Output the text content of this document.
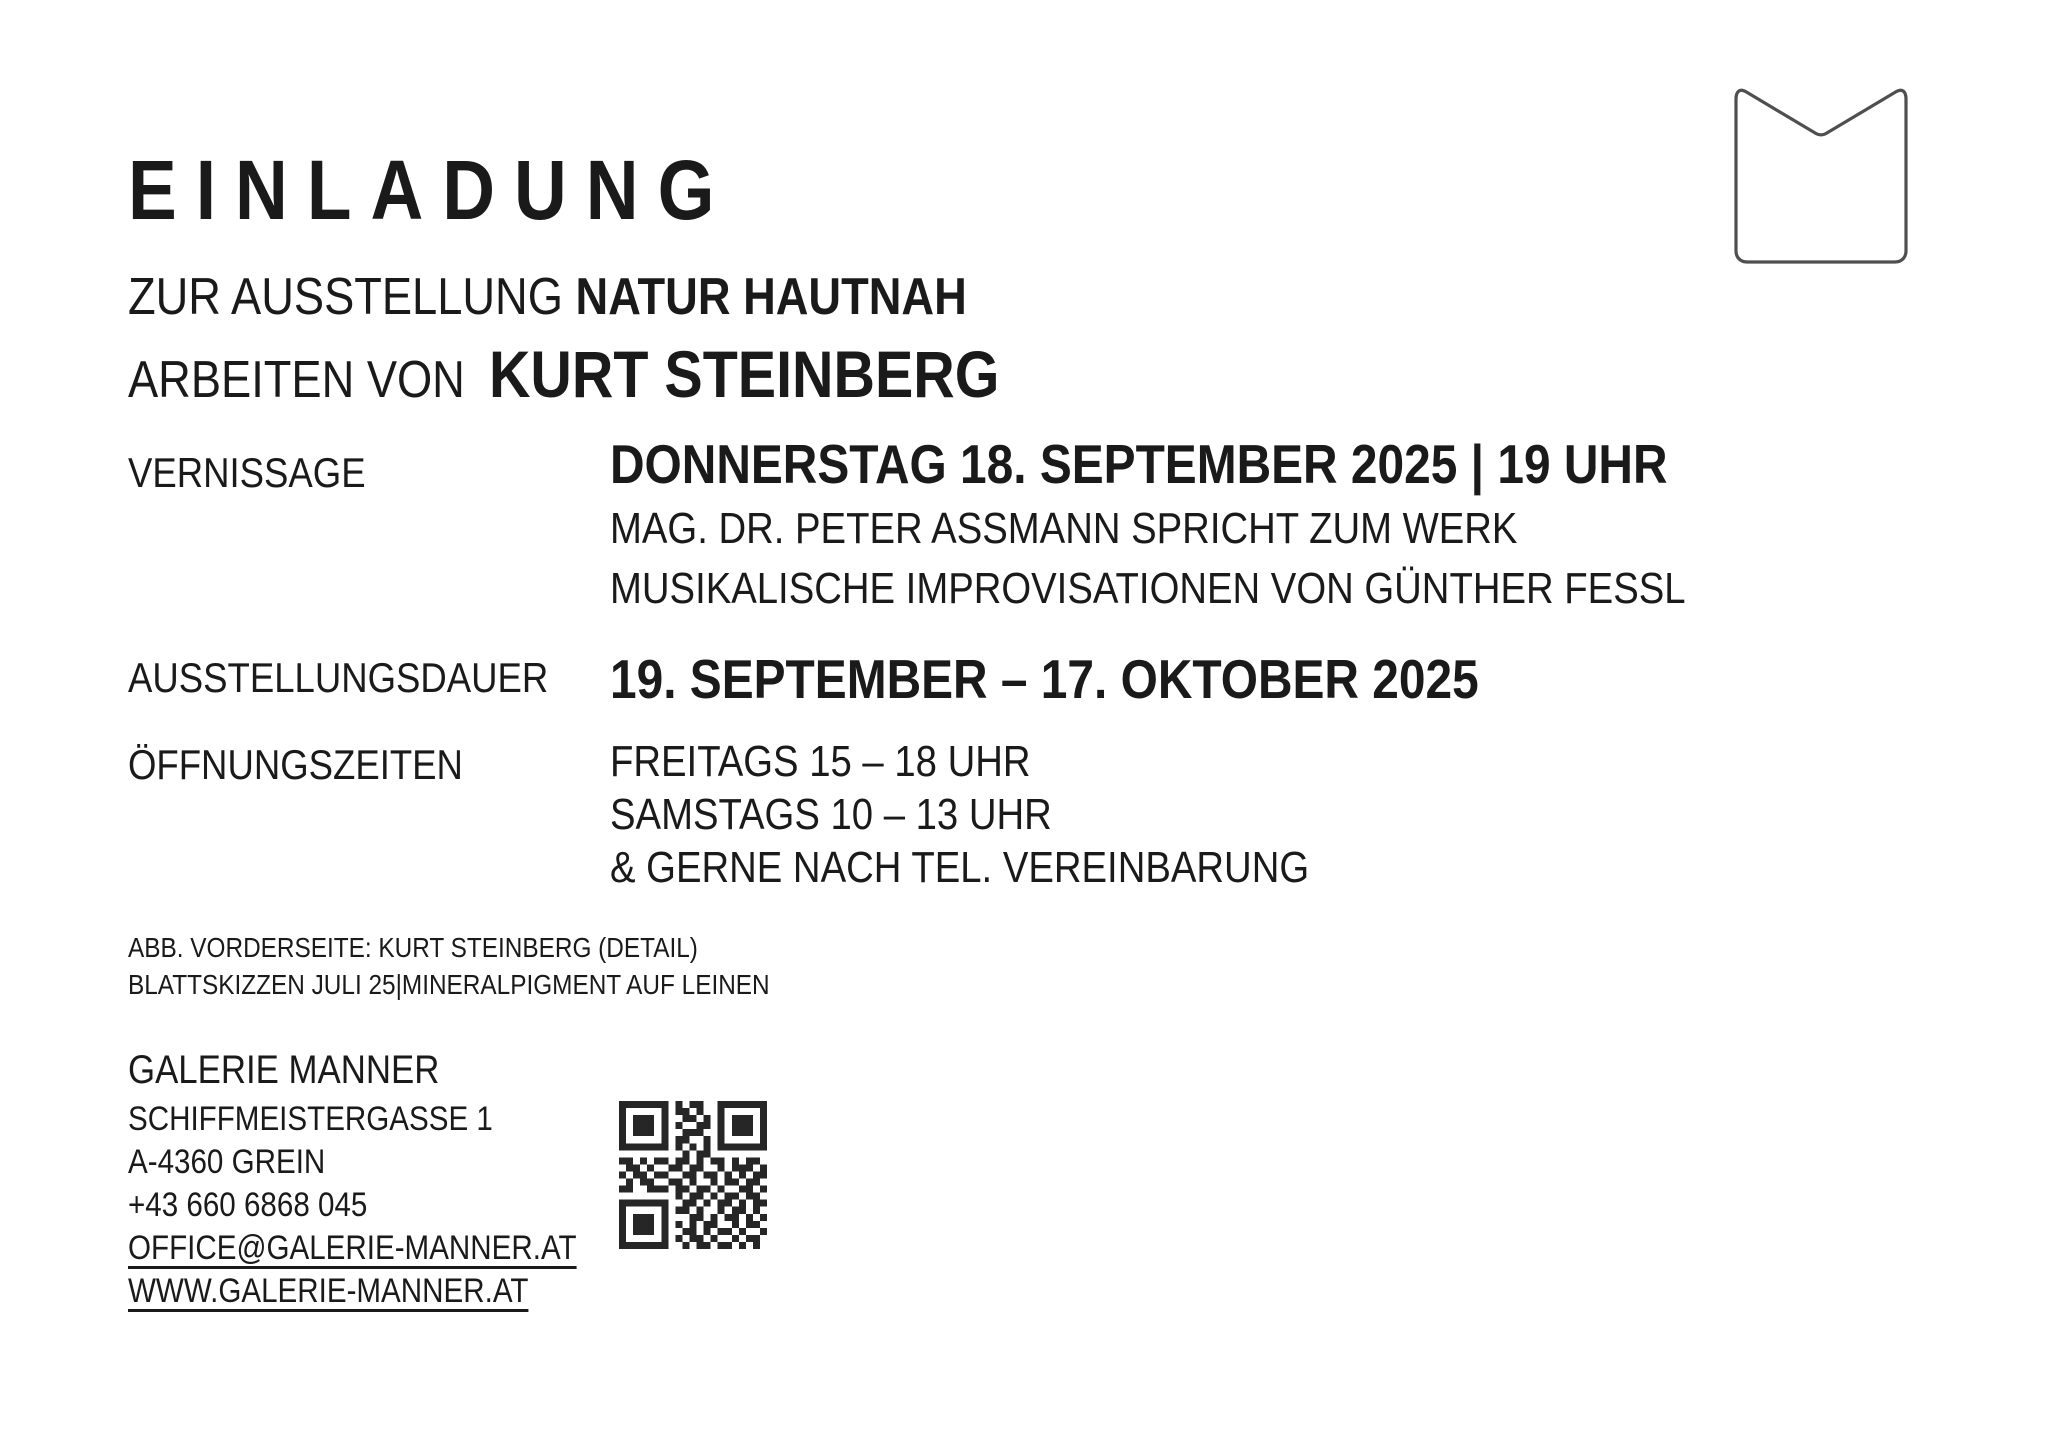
EINLADUNG

ZUR AUSSTELLUNG NATUR HAUTNAH

ARBEITEN VON KURT STEINBERG

VERNISSAGE	DONNERSTAG 18. SEPTEMBER 2025 | 19 UHR

MAG. DR. PETER ASSMANN SPRICHT ZUM WERK

MUSIKALISCHE IMPROVISATIONEN VON GÜNTHER FESSL

AUSSTELLUNGSDAUER	19. SEPTEMBER – 17. OKTOBER 2025

ÖFFNUNGSZEITEN	FREITAGS 15 – 18 UHR

SAMSTAGS 10 – 13 UHR

& GERNE NACH TEL. VEREINBARUNG

ABB. VORDERSEITE: KURT STEINBERG (DETAIL)

BLATTSKIZZEN JULI 25|MINERALPIGMENT AUF LEINEN

GALERIE MANNER

SCHIFFMEISTERGASSE 1

A-4360 GREIN

+43 660 6868 045

OFFICE@GALERIE-MANNER.AT

WWW.GALERIE-MANNER.AT
